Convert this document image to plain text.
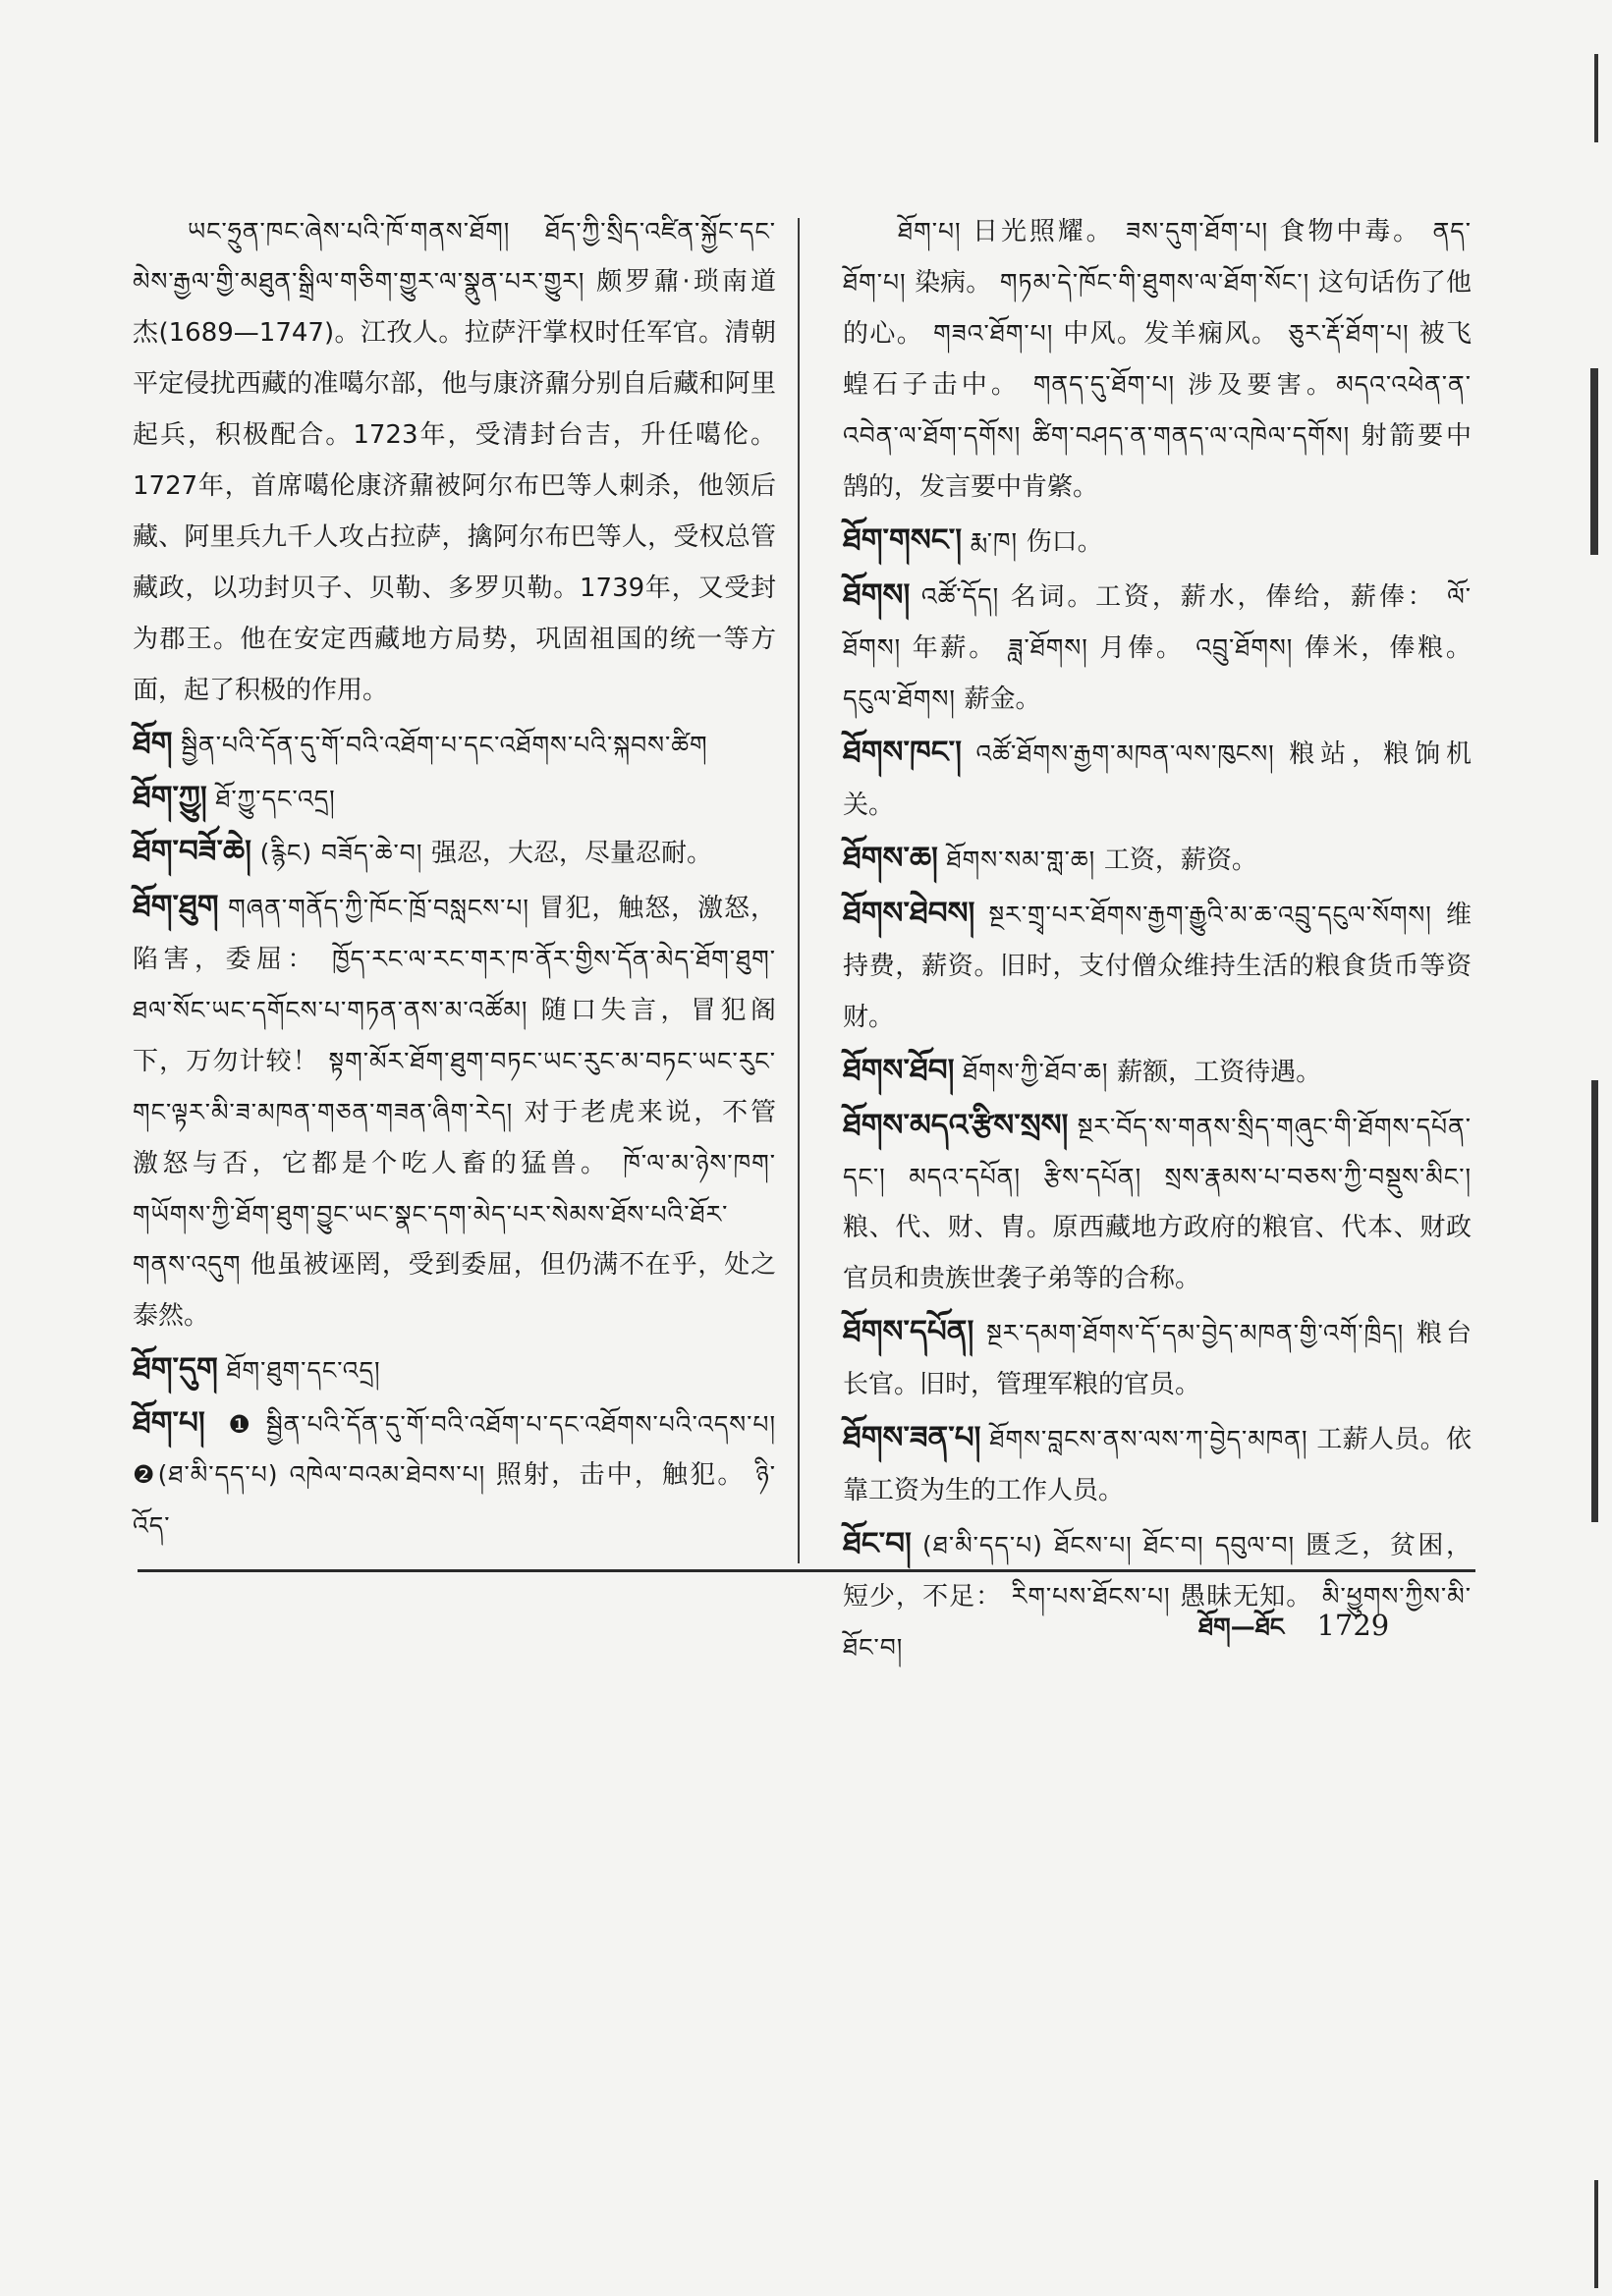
ཡང་ཧྲུན་ཁང་ཞེས་པའི་ཁོ་གནས་ཐོག། ཐོད་ཀྱི་སྲིད་འཛིན་སྐྱོང་དང་མེས་རྒྱལ་གྱི་མཐུན་སྒྲིལ་གཅིག་གྱུར་ལ་སྣུན་པར་གྱུར། 颇罗鼐·琐南道杰(1689—1747)。江孜人。拉萨汗掌权时任军官。清朝平定侵扰西藏的准噶尔部，他与康济鼐分别自后藏和阿里起兵，积极配合。1723年，受清封台吉，升任噶伦。1727年，首席噶伦康济鼐被阿尔布巴等人刺杀，他领后藏、阿里兵九千人攻占拉萨，擒阿尔布巴等人，受权总管藏政，以功封贝子、贝勒、多罗贝勒。1739年，又受封为郡王。他在安定西藏地方局势，巩固祖国的统一等方面，起了积极的作用。

ཐོག སྦྱིན་པའི་དོན་དུ་གོ་བའི་འཐོག་པ་དང་འཐོགས་པའི་སྐབས་ཚིག

ཐོག་ཀྱུ། ཐོ་ཀྱུ་དང་འདྲ།

ཐོག་བཟོ་ཆེ། (རྙིང) བཟོད་ཆེ་བ། 强忍，大忍，尽量忍耐。

ཐོག་ཐུག གཞན་གནོད་ཀྱི་ཁོང་ཁྲོ་བསླངས་པ། 冒犯，触怒，激怒，陷害，委屈： ཁྱོད་རང་ལ་རང་གར་ཁ་ནོར་གྱིས་དོན་མེད་ཐོག་ཐུག་ཐལ་སོང་ཡང་དགོངས་པ་གཏན་ནས་མ་འཚོམ། 随口失言，冒犯阁下，万勿计较！ སྟག་མོར་ཐོག་ཐུག་བཏང་ཡང་རུང་མ་བཏང་ཡང་རུང་གང་ལྟར་མི་ཟ་མཁན་གཅན་གཟན་ཞིག་རེད། 对于老虎来说，不管激怒与否，它都是个吃人畜的猛兽。 ཁོ་ལ་མ་ཉེས་ཁག་གཡོགས་ཀྱི་ཐོག་ཐུག་བྱུང་ཡང་སྣང་དག་མེད་པར་སེམས་ཐོས་པའི་ཐོར་གནས་འདུག 他虽被诬罔，受到委屈，但仍满不在乎，处之泰然。

ཐོག་དུག ཐོག་ཐུག་དང་འདྲ།

ཐོག་པ། ❶སྦྱིན་པའི་དོན་དུ་གོ་བའི་འཐོག་པ་དང་འཐོགས་པའི་འདས་པ། ❷(ཐ་མི་དད་པ) འཁེལ་བའམ་ཐེབས་པ། 照射，击中，触犯。 ཉི་འོད་

ཐོག་པ། 日光照耀。 ཟས་དུག་ཐོག་པ། 食物中毒。 ནད་ཐོག་པ། 染病。 གཏམ་དེ་ཁོང་གི་ཐུགས་ལ་ཐོག་སོང་། 这句话伤了他的心。 གཟའ་ཐོག་པ། 中风。发羊痫风。 ཅུར་རྡོ་ཐོག་པ། 被飞蝗石子击中。 གནད་དུ་ཐོག་པ། 涉及要害。མདའ་འཕེན་ན་འབེན་ལ་ཐོག་དགོས། ཚིག་བཤད་ན་གནད་ལ་འཁེལ་དགོས། 射箭要中鹄的，发言要中肯綮。

ཐོག་གསང་། རྨ་ཁ། 伤口。

ཐོགས། འཚོ་དོད། 名词。工资，薪水，俸给，薪俸： ལོ་ཐོགས། 年薪。 ཟླ་ཐོགས། 月俸。 འབྲུ་ཐོགས། 俸米，俸粮。 དངུལ་ཐོགས། 薪金。

ཐོགས་ཁང་། འཚོ་ཐོགས་རྒྱག་མཁན་ལས་ཁུངས། 粮站，粮饷机关。

ཐོགས་ཆ། ཐོགས་སམ་གླ་ཆ། 工资，薪资。

ཐོགས་ཐེབས། སྔར་གྲྭ་པར་ཐོགས་རྒྱག་རྒྱུའི་མ་ཆ་འབྲུ་དངུལ་སོགས། 维持费，薪资。旧时，支付僧众维持生活的粮食货币等资财。

ཐོགས་ཐོབ། ཐོགས་ཀྱི་ཐོབ་ཆ། 薪额，工资待遇。

ཐོགས་མདའ་རྩིས་སྲས། སྔར་བོད་ས་གནས་སྲིད་གཞུང་གི་ཐོགས་དཔོན་དང་། མདའ་དཔོན། རྩིས་དཔོན། སྲས་རྣམས་པ་བཅས་ཀྱི་བསྡུས་མིང་། 粮、代、财、胄。原西藏地方政府的粮官、代本、财政官员和贵族世袭子弟等的合称。

ཐོགས་དཔོན། སྔར་དམག་ཐོགས་དོ་དམ་བྱེད་མཁན་གྱི་འགོ་ཁྲིད། 粮台长官。旧时，管理军粮的官员。

ཐོགས་ཟན་པ། ཐོགས་བླངས་ནས་ལས་ཀ་བྱེད་མཁན། 工薪人员。依靠工资为生的工作人员。

ཐོང་བ། (ཐ་མི་དད་པ) ཐོངས་པ། ཐོང་བ། དབུལ་བ། 匮乏，贫困，短少，不足： རིག་པས་ཐོངས་པ། 愚昧无知。 མི་ཕྱུགས་ཀྱིས་མི་ཐོང་བ།

ཐོག—ཐོང 1729
